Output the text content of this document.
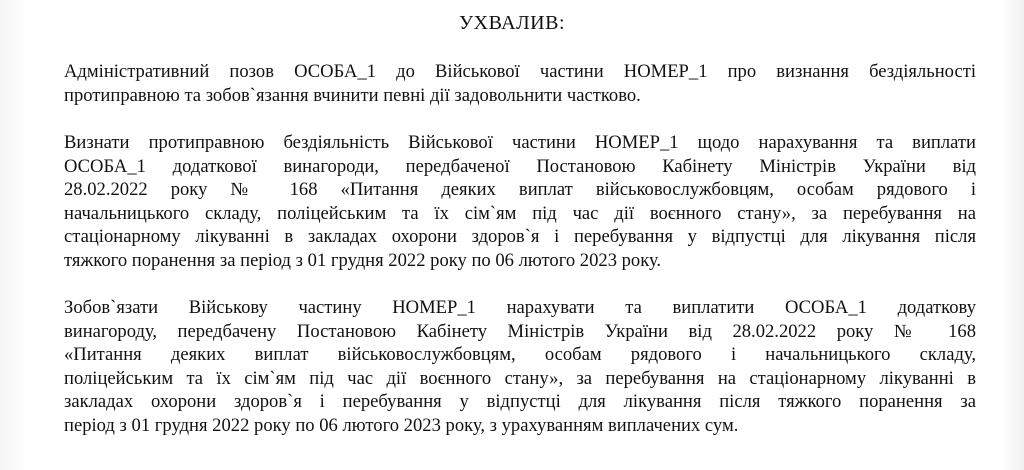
УХВАЛИВ:
Адміністративний позов ОСОБА_1 до Військової частини НОМЕР_1 про визнання бездіяльності
протиправною та зобов`язання вчинити певні дії задовольнити частково.
Визнати протиправною бездіяльність Військової частини НОМЕР_1 щодо нарахування та виплати
ОСОБА_1 додаткової винагороди, передбаченої Постановою Кабінету Міністрів України від
28.02.2022 року № 168 «Питання деяких виплат військовослужбовцям, особам рядового і
начальницького складу, поліцейським та їх сім`ям під час дії воєнного стану», за перебування на
стаціонарному лікуванні в закладах охорони здоров`я і перебування у відпустці для лікування після
тяжкого поранення за період з 01 грудня 2022 року по 06 лютого 2023 року.
Зобов`язати Військову частину НОМЕР_1 нарахувати та виплатити ОСОБА_1 додаткову
винагороду, передбачену Постановою Кабінету Міністрів України від 28.02.2022 року № 168
«Питання деяких виплат військовослужбовцям, особам рядового і начальницького складу,
поліцейським та їх сім`ям під час дії воєнного стану», за перебування на стаціонарному лікуванні в
закладах охорони здоров`я і перебування у відпустці для лікування після тяжкого поранення за
період з 01 грудня 2022 року по 06 лютого 2023 року, з урахуванням виплачених сум.
